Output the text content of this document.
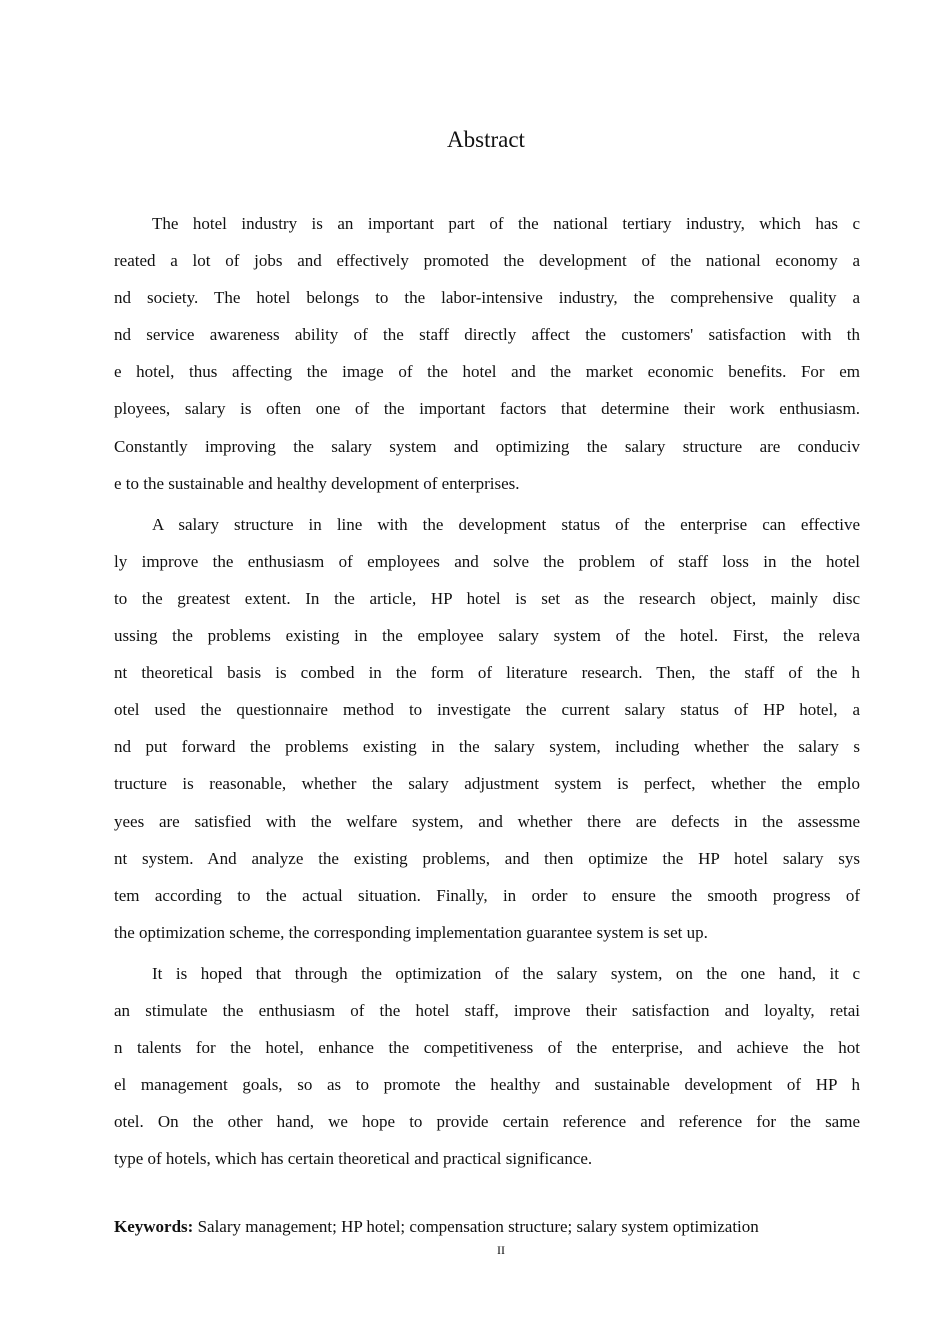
Abstract
The hotel industry is an important part of the national tertiary industry, which has c
reated a lot of jobs and effectively promoted the development of the national economy a
nd society. The hotel belongs to the labor-intensive industry, the comprehensive quality a
nd service awareness ability of the staff directly affect the customers' satisfaction with th
e hotel, thus affecting the image of the hotel and the market economic benefits. For em
ployees, salary is often one of the important factors that determine their work enthusiasm.
Constantly improving the salary system and optimizing the salary structure are conduciv
e to the sustainable and healthy development of enterprises.
A salary structure in line with the development status of the enterprise can effective
ly improve the enthusiasm of employees and solve the problem of staff loss in the hotel
to the greatest extent. In the article, HP hotel is set as the research object, mainly disc
ussing the problems existing in the employee salary system of the hotel. First, the releva
nt theoretical basis is combed in the form of literature research. Then, the staff of the h
otel used the questionnaire method to investigate the current salary status of HP hotel, a
nd put forward the problems existing in the salary system, including whether the salary s
tructure is reasonable, whether the salary adjustment system is perfect, whether the emplo
yees are satisfied with the welfare system, and whether there are defects in the assessme
nt system. And analyze the existing problems, and then optimize the HP hotel salary sys
tem according to the actual situation. Finally, in order to ensure the smooth progress of
the optimization scheme, the corresponding implementation guarantee system is set up.
It is hoped that through the optimization of the salary system, on the one hand, it c
an stimulate the enthusiasm of the hotel staff, improve their satisfaction and loyalty, retai
n talents for the hotel, enhance the competitiveness of the enterprise, and achieve the hot
el management goals, so as to promote the healthy and sustainable development of HP h
otel. On the other hand, we hope to provide certain reference and reference for the same
type of hotels, which has certain theoretical and practical significance.
Keywords: Salary management; HP hotel; compensation structure; salary system optimization
II
